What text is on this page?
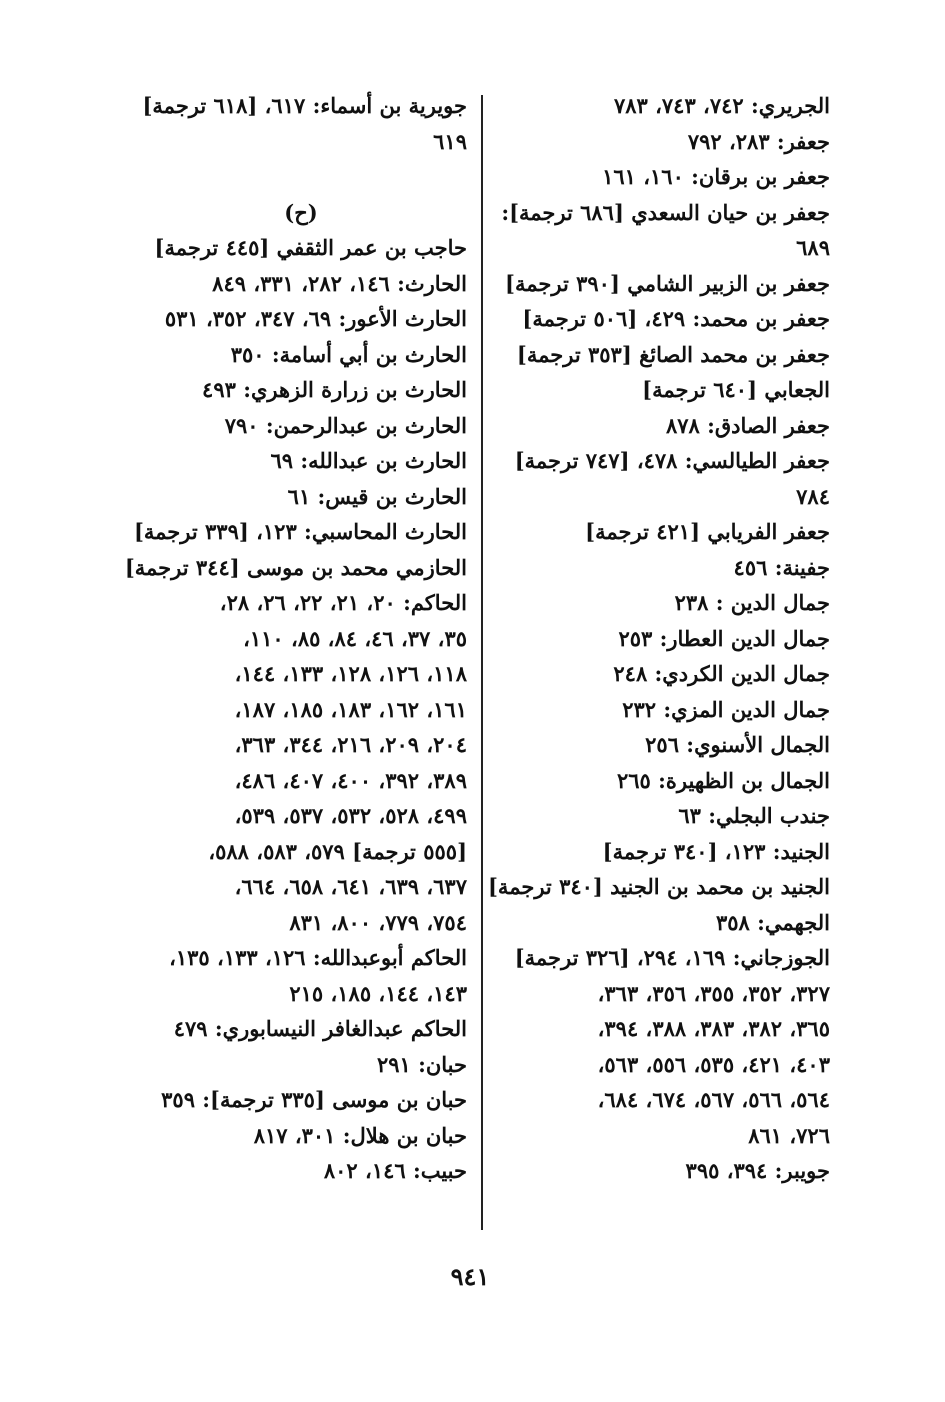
الجريري: ٧٤٢، ٧٤٣، ٧٨٣
جعفر: ٢٨٣، ٧٩٢
جعفر بن برقان: ١٦٠، ١٦١
جعفر بن حيان السعدي [٦٨٦ ترجمة]:
٦٨٩
جعفر بن الزبير الشامي [٣٩٠ ترجمة]
جعفر بن محمد: ٤٢٩، [٥٠٦ ترجمة]
جعفر بن محمد الصائغ [٣٥٣ ترجمة]
الجعابي [٦٤٠ ترجمة]
جعفر الصادق: ٨٧٨
جعفر الطيالسي: ٤٧٨، [٧٤٧ ترجمة]
٧٨٤
جعفر الفريابي [٤٢١ ترجمة]
جفينة: ٤٥٦
جمال الدين : ٢٣٨
جمال الدين العطار: ٢٥٣
جمال الدين الكردي: ٢٤٨
جمال الدين المزي: ٢٣٢
الجمال الأسنوي: ٢٥٦
الجمال بن الظهيرة: ٢٦٥
جندب البجلي: ٦٣
الجنيد: ١٢٣، [٣٤٠ ترجمة]
الجنيد بن محمد بن الجنيد [٣٤٠ ترجمة]
الجهمي: ٣٥٨
الجوزجاني: ١٦٩، ٢٩٤، [٣٢٦ ترجمة]
٣٢٧، ٣٥٢، ٣٥٥، ٣٥٦، ٣٦٣،
٣٦٥، ٣٨٢، ٣٨٣، ٣٨٨، ٣٩٤،
٤٠٣، ٤٢١، ٥٣٥، ٥٥٦، ٥٦٣،
٥٦٤، ٥٦٦، ٥٦٧، ٦٧٤، ٦٨٤،
٧٢٦، ٨٦١
جويبر: ٣٩٤، ٣٩٥
جويرية بن أسماء: ٦١٧، [٦١٨ ترجمة]
٦١٩
(ح)
حاجب بن عمر الثقفي [٤٤٥ ترجمة]
الحارث: ١٤٦، ٢٨٢، ٣٣١، ٨٤٩
الحارث الأعور: ٦٩، ٣٤٧، ٣٥٢، ٥٣١
الحارث بن أبي أسامة: ٣٥٠
الحارث بن زرارة الزهري: ٤٩٣
الحارث بن عبدالرحمن: ٧٩٠
الحارث بن عبدالله: ٦٩
الحارث بن قيس: ٦١
الحارث المحاسبي: ١٢٣، [٣٣٩ ترجمة]
الحازمي محمد بن موسى [٣٤٤ ترجمة]
الحاكم: ٢٠، ٢١، ٢٢، ٢٦، ٢٨،
٣٥، ٣٧، ٤٦، ٨٤، ٨٥، ١١٠،
١١٨، ١٢٦، ١٢٨، ١٣٣، ١٤٤،
١٦١، ١٦٢، ١٨٣، ١٨٥، ١٨٧،
٢٠٤، ٢٠٩، ٢١٦، ٣٤٤، ٣٦٣،
٣٨٩، ٣٩٢، ٤٠٠، ٤٠٧، ٤٨٦،
٤٩٩، ٥٢٨، ٥٣٢، ٥٣٧، ٥٣٩،
[٥٥٥ ترجمة] ٥٧٩، ٥٨٣، ٥٨٨،
٦٣٧، ٦٣٩، ٦٤١، ٦٥٨، ٦٦٤،
٧٥٤، ٧٧٩، ٨٠٠، ٨٣١
الحاكم أبوعبدالله: ١٢٦، ١٣٣، ١٣٥،
١٤٣، ١٤٤، ١٨٥، ٢١٥
الحاكم عبدالغافر النيسابوري: ٤٧٩
حبان: ٢٩١
حبان بن موسى [٣٣٥ ترجمة]: ٣٥٩
حبان بن هلال: ٣٠١، ٨١٧
حبيب: ١٤٦، ٨٠٢
٩٤١
